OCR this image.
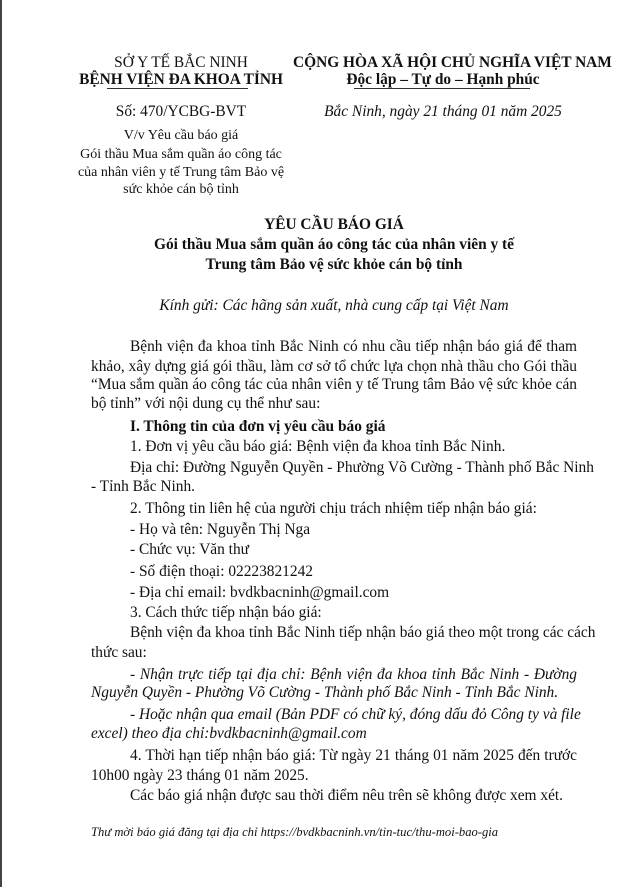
SỞ Y TẾ BẮC NINH
BỆNH VIỆN ĐA KHOA TỈNH
CỘNG HÒA XÃ HỘI CHỦ NGHĨA VIỆT NAM
Độc lập – Tự do – Hạnh phúc
Số: 470/YCBG-BVT	Bắc Ninh, ngày 21 tháng 01 năm 2025
V/v Yêu cầu báo giá
Gói thầu Mua sắm quần áo công tác
của nhân viên y tế Trung tâm Bảo vệ
sức khỏe cán bộ tỉnh
YÊU CẦU BÁO GIÁ
Gói thầu Mua sắm quần áo công tác của nhân viên y tế
Trung tâm Bảo vệ sức khỏe cán bộ tỉnh
Kính gửi: Các hãng sản xuất, nhà cung cấp tại Việt Nam
Bệnh viện đa khoa tỉnh Bắc Ninh có nhu cầu tiếp nhận báo giá để tham
khảo, xây dựng giá gói thầu, làm cơ sở tổ chức lựa chọn nhà thầu cho Gói thầu
“Mua sắm quần áo công tác của nhân viên y tế Trung tâm Bảo vệ sức khỏe cán
bộ tỉnh” với nội dung cụ thể như sau:
I. Thông tin của đơn vị yêu cầu báo giá
1. Đơn vị yêu cầu báo giá: Bệnh viện đa khoa tỉnh Bắc Ninh.
Địa chỉ: Đường Nguyễn Quyền - Phường Võ Cường - Thành phố Bắc Ninh
- Tỉnh Bắc Ninh.
2. Thông tin liên hệ của người chịu trách nhiệm tiếp nhận báo giá:
- Họ và tên: Nguyễn Thị Nga
- Chức vụ: Văn thư
- Số điện thoại: 02223821242
- Địa chỉ email: bvdkbacninh@gmail.com
3. Cách thức tiếp nhận báo giá:
Bệnh viện đa khoa tỉnh Bắc Ninh tiếp nhận báo giá theo một trong các cách
thức sau:
- Nhận trực tiếp tại địa chỉ: Bệnh viện đa khoa tỉnh Bắc Ninh - Đường
Nguyễn Quyền - Phường Võ Cường - Thành phố Bắc Ninh - Tỉnh Bắc Ninh.
- Hoặc nhận qua email (Bản PDF có chữ ký, đóng dấu đỏ Công ty và file
excel) theo địa chỉ:bvdkbacninh@gmail.com
4. Thời hạn tiếp nhận báo giá: Từ ngày 21 tháng 01 năm 2025 đến trước
10h00 ngày 23 tháng 01 năm 2025.
Các báo giá nhận được sau thời điểm nêu trên sẽ không được xem xét.
Thư mời báo giá đăng tại địa chỉ https://bvdkbacninh.vn/tin-tuc/thu-moi-bao-gia
